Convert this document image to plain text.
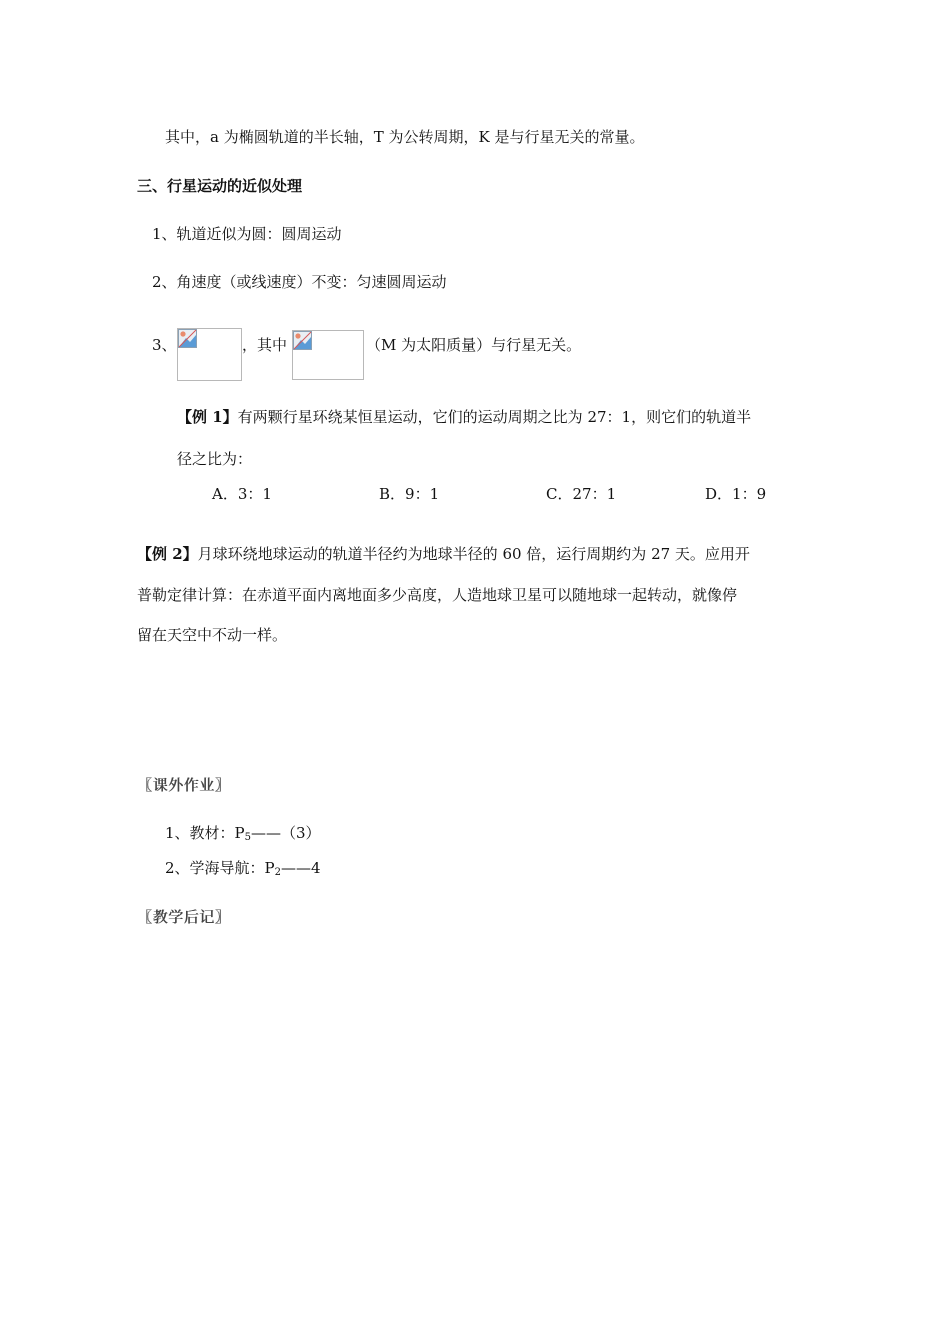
其中，a 为椭圆轨道的半长轴，T 为公转周期，K 是与行星无关的常量。
三、行星运动的近似处理
1、轨道近似为圆：圆周运动
2、角速度（或线速度）不变：匀速圆周运动
3、	，其中	（M 为太阳质量）与行星无关。
【例 1】有两颗行星环绕某恒星运动，它们的运动周期之比为 27：1，则它们的轨道半
径之比为：
A．3：1	B．9：1	C．27：1	D．1：9
【例 2】月球环绕地球运动的轨道半径约为地球半径的 60 倍，运行周期约为 27 天。应用开
普勒定律计算：在赤道平面内离地面多少高度，人造地球卫星可以随地球一起转动，就像停
留在天空中不动一样。
〖课外作业〗
1、教材：$P_5——(3)$
2、学海导航：$P_2——4$
〖教学后记〗
